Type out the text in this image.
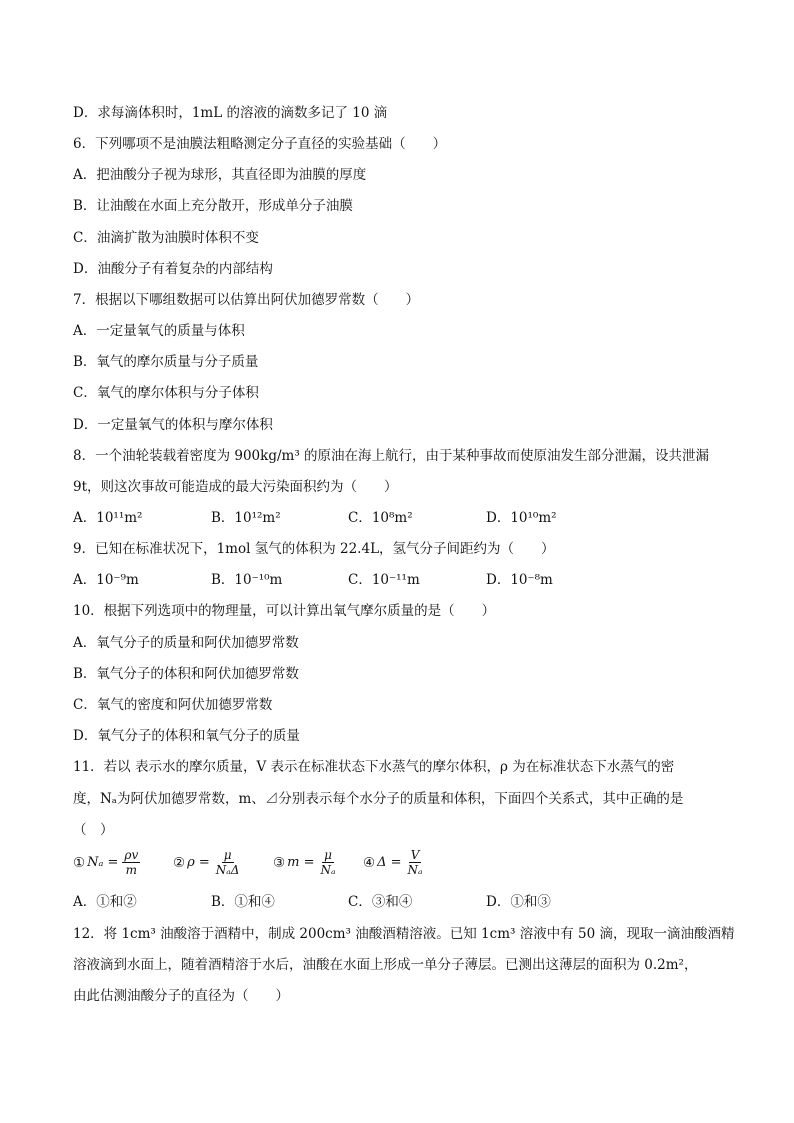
D．求每滴体积时，1mL 的溶液的滴数多记了 10 滴
6．下列哪项不是油膜法粗略测定分子直径的实验基础（　　）
A．把油酸分子视为球形，其直径即为油膜的厚度
B．让油酸在水面上充分散开，形成单分子油膜
C．油滴扩散为油膜时体积不变
D．油酸分子有着复杂的内部结构
7．根据以下哪组数据可以估算出阿伏加德罗常数（　　）
A．一定量氧气的质量与体积
B．氧气的摩尔质量与分子质量
C．氧气的摩尔体积与分子体积
D．一定量氧气的体积与摩尔体积
8．一个油轮装载着密度为 900kg/m³ 的原油在海上航行，由于某种事故而使原油发生部分泄漏，设共泄漏
9t，则这次事故可能造成的最大污染面积约为（　　）
A．10¹¹m²	B．10¹²m²	C．10⁸m²	D．10¹⁰m²
9．已知在标准状况下，1mol 氢气的体积为 22.4L，氢气分子间距约为（　　）
A．10⁻⁹m	B．10⁻¹⁰m	C．10⁻¹¹m	D．10⁻⁸m
10．根据下列选项中的物理量，可以计算出氧气摩尔质量的是（　　）
A．氧气分子的质量和阿伏加德罗常数
B．氧气分子的体积和阿伏加德罗常数
C．氧气的密度和阿伏加德罗常数
D．氧气分子的体积和氧气分子的质量
11．若以 表示水的摩尔质量，V 表示在标准状态下水蒸气的摩尔体积，ρ 为在标准状态下水蒸气的密
度，Nₐ为阿伏加德罗常数，m、⊿分别表示每个水分子的质量和体积，下面四个关系式，其中正确的是
（　）
① $N_a = \frac{\rho v}{m}$ ② $\rho = \frac{\mu}{\text{NₐΔ}}$ ③ $m = \frac{\mu}{\text{Nₐ}}$ ④ $\Delta = \frac{V}{\text{Nₐ}}$
A．①和②	B．①和④	C．③和④	D．①和③
12．将 1cm³ 油酸溶于酒精中，制成 200cm³ 油酸酒精溶液。已知 1cm³ 溶液中有 50 滴，现取一滴油酸酒精
溶液滴到水面上，随着酒精溶于水后，油酸在水面上形成一单分子薄层。已测出这薄层的面积为 0.2m²，
由此估测油酸分子的直径为（　　）
